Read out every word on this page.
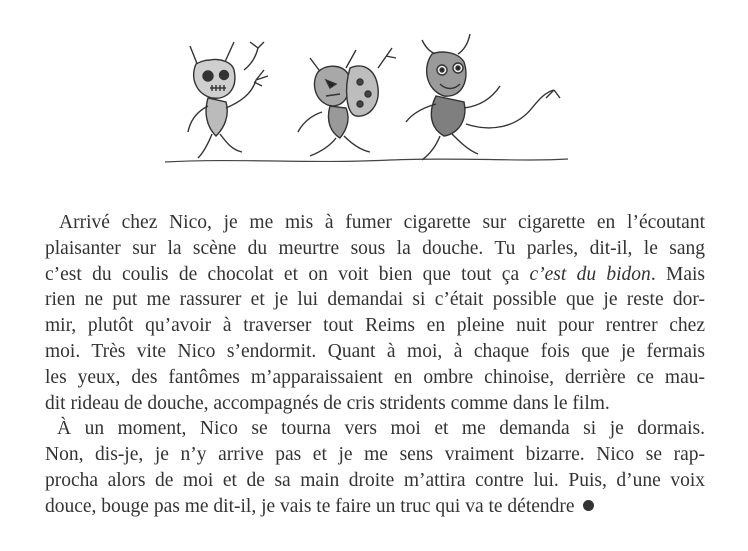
Arrivé chez Nico, je me mis à fumer cigarette sur cigarette en l’écoutant
plaisanter sur la scène du meurtre sous la douche. Tu parles, dit-il, le sang
c’est du coulis de chocolat et on voit bien que tout ça c’est du bidon. Mais
rien ne put me rassurer et je lui demandai si c’était possible que je reste dor-
mir, plutôt qu’avoir à traverser tout Reims en pleine nuit pour rentrer chez
moi. Très vite Nico s’endormit. Quant à moi, à chaque fois que je fermais
les yeux, des fantômes m’apparaissaient en ombre chinoise, derrière ce mau-
dit rideau de douche, accompagnés de cris stridents comme dans le film.
À un moment, Nico se tourna vers moi et me demanda si je dormais.
Non, dis-je, je n’y arrive pas et je me sens vraiment bizarre. Nico se rap-
procha alors de moi et de sa main droite m’attira contre lui. Puis, d’une voix
douce, bouge pas me dit-il, je vais te faire un truc qui va te détendre
